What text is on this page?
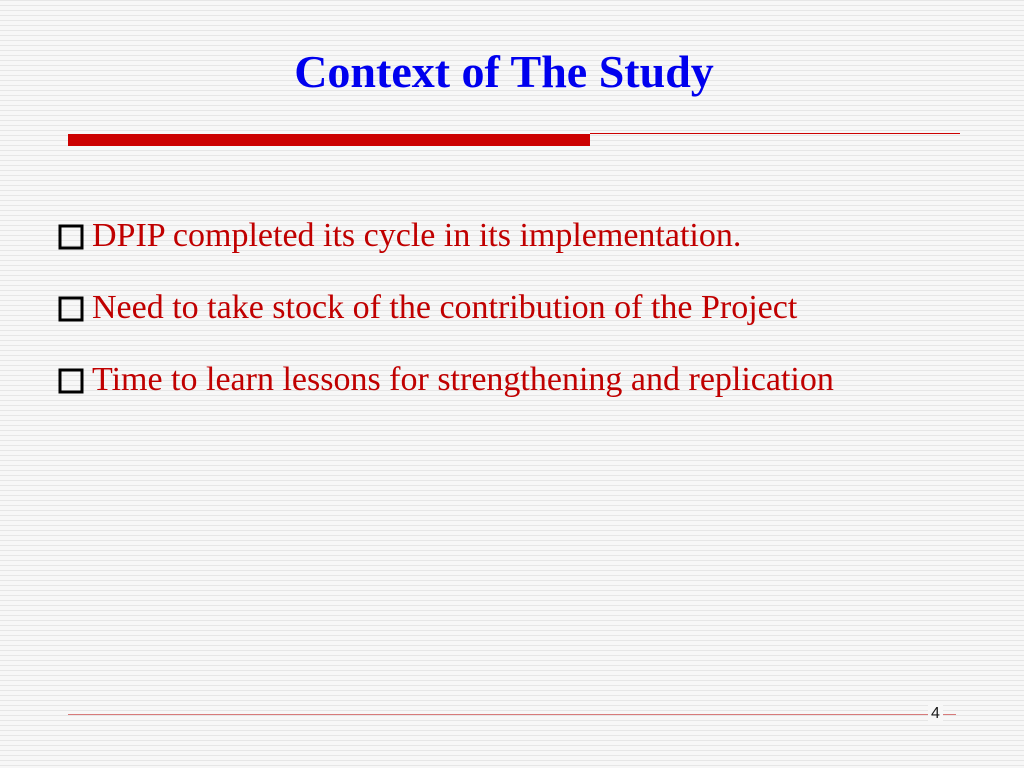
Context of The Study
DPIP completed its cycle in its implementation.
Need to take stock of the contribution of the Project
Time to learn lessons for strengthening and replication
4
